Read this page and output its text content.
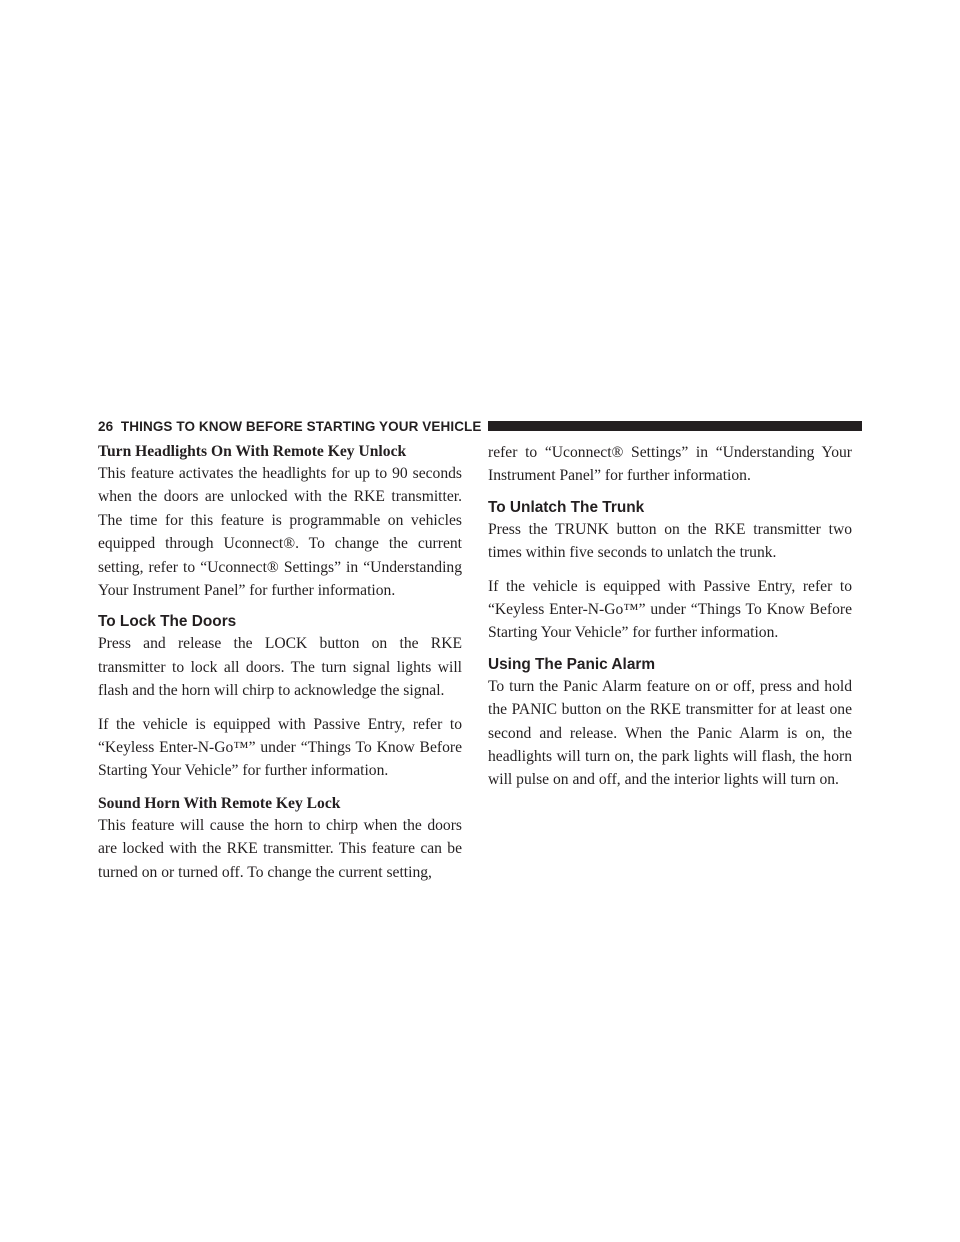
26
THINGS TO KNOW BEFORE STARTING YOUR VEHICLE
Turn Headlights On With Remote Key Unlock

This feature activates the headlights for up to 90 seconds when the doors are unlocked with the RKE transmitter. The time for this feature is programmable on vehicles equipped through Uconnect®. To change the current setting, refer to “Uconnect® Settings” in “Understanding Your Instrument Panel” for further information.

To Lock The Doors

Press and release the LOCK button on the RKE transmitter to lock all doors. The turn signal lights will flash and the horn will chirp to acknowledge the signal.

If the vehicle is equipped with Passive Entry, refer to “Keyless Enter-N-Go™” under “Things To Know Before Starting Your Vehicle” for further information.

Sound Horn With Remote Key Lock

This feature will cause the horn to chirp when the doors are locked with the RKE transmitter. This feature can be turned on or turned off. To change the current setting,

refer to “Uconnect® Settings” in “Understanding Your Instrument Panel” for further information.

To Unlatch The Trunk

Press the TRUNK button on the RKE transmitter two times within five seconds to unlatch the trunk.

If the vehicle is equipped with Passive Entry, refer to “Keyless Enter-N-Go™” under “Things To Know Before Starting Your Vehicle” for further information.

Using The Panic Alarm

To turn the Panic Alarm feature on or off, press and hold the PANIC button on the RKE transmitter for at least one second and release. When the Panic Alarm is on, the headlights will turn on, the park lights will flash, the horn will pulse on and off, and the interior lights will turn on.
